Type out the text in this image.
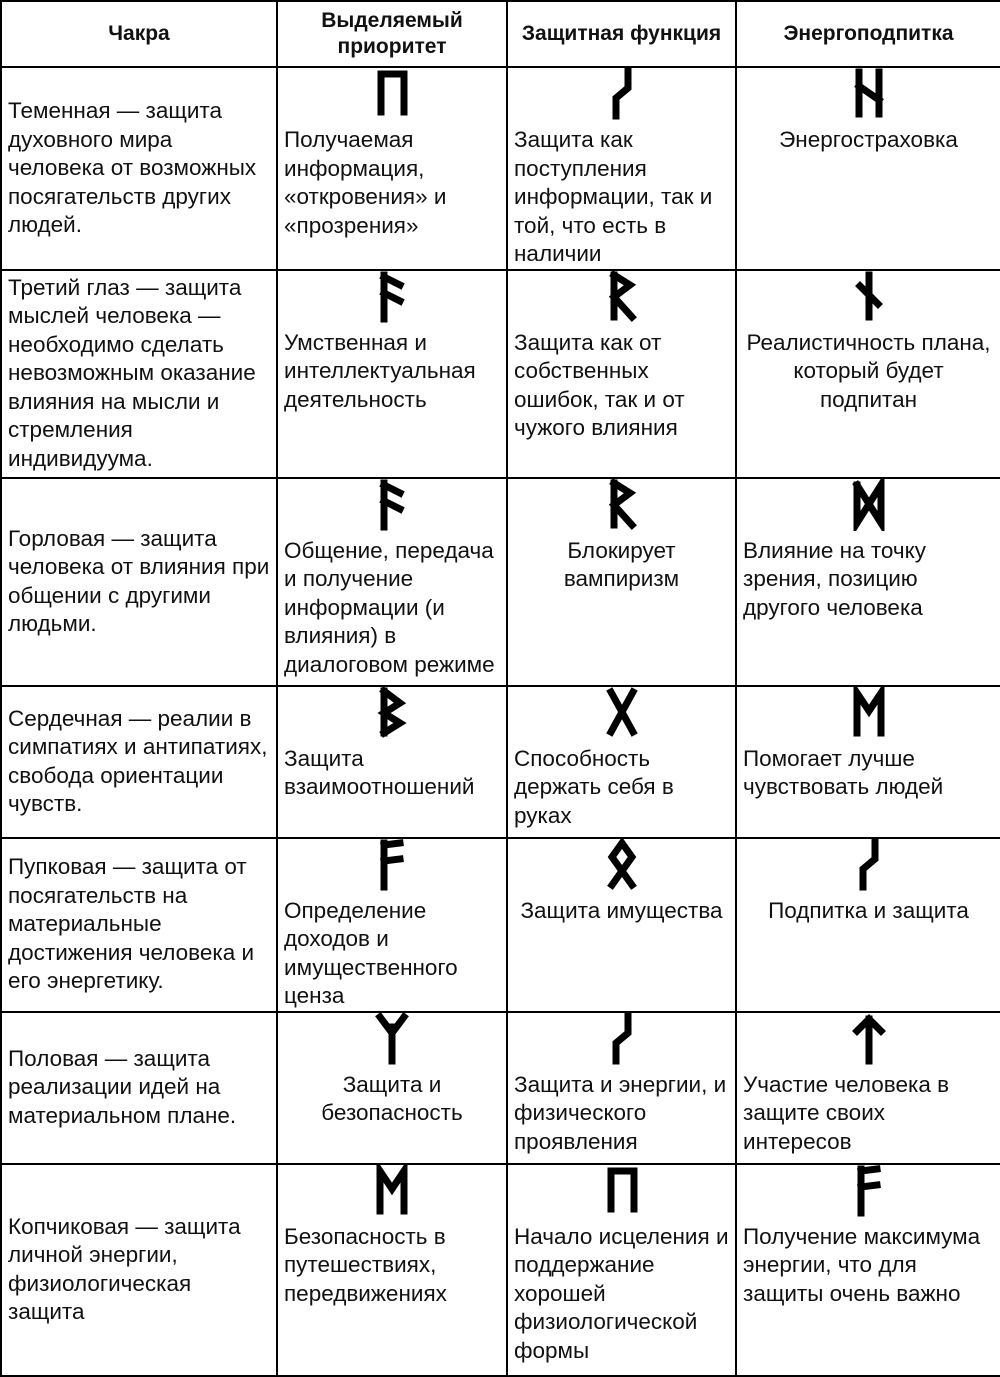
Чакра	Выделяемый приоритет	Защитная функция	Энергоподпитка
Теменная — защита духовного мира человека от возможных посягательств других людей.	Получаемая информация, «откровения» и «прозрения»	Защита как поступления информации, так и той, что есть в наличии	Энергостраховка

Третий глаз — защита мыслей человека — необходимо сделать невозможным оказание влияния на мысли и стремления индивидуума.	Умственная и интеллектуальная деятельность	Защита как от собственных ошибок, так и от чужого влияния	Реалистичность плана, который будет подпитан

Горловая — защита человека от влияния при общении с другими людьми.	Общение, передача и получение информации (и влияния) в диалоговом режиме	Блокирует вампиризм	Влияние на точку зрения, позицию другого человека

Сердечная — реалии в симпатиях и антипатиях, свобода ориентации чувств.	Защита взаимоотношений	Способность держать себя в руках	Помогает лучше чувствовать людей

Пупковая — защита от посягательств на материальные достижения человека и его энергетику.	Определение доходов и имущественного ценза	Защита имущества	Подпитка и защита

Половая — защита реализации идей на материальном плане.	Защита и безопасность	Защита и энергии, и физического проявления	Участие человека в защите своих интересов

Копчиковая — защита личной энергии, физиологическая защита	Безопасность в путешествиях, передвижениях	Начало исцеления и поддержание хорошей физиологической формы	Получение максимума энергии, что для защиты очень важно
